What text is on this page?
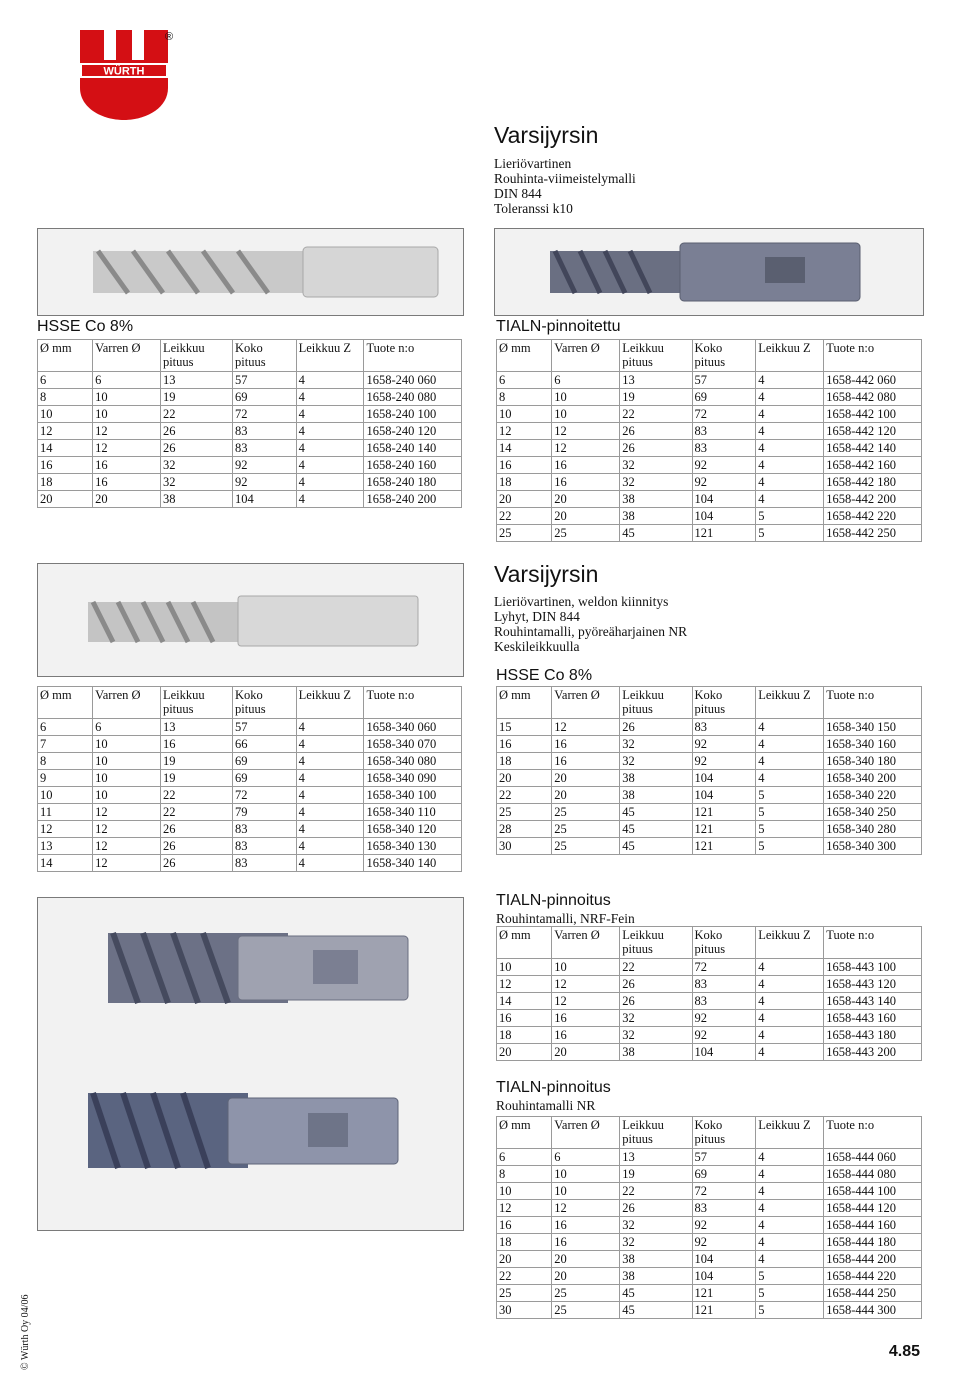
WÜRTH
®
Varsijyrsin
Lieriövartinen
Rouhinta-viimeistelymalli
DIN 844
Toleranssi k10
HSSE Co 8%	TIALN-pinnoitettu
Varsijyrsin
Lieriövartinen, weldon kiinnitys
Lyhyt, DIN 844
Rouhintamalli, pyöreäharjainen NR
Keskileikkuulla
HSSE Co 8%
TIALN-pinnoitus
Rouhintamalli, NRF-Fein
TIALN-pinnoitus
Rouhintamalli NR
Ø mm	Varren Ø	Leikkuu pituus	Koko pituus	Leikkuu Z	Tuote n:o
6	6	13	57	4	1658-240 060
8	10	19	69	4	1658-240 080
10	10	22	72	4	1658-240 100
12	12	26	83	4	1658-240 120
14	12	26	83	4	1658-240 140
16	16	32	92	4	1658-240 160
18	16	32	92	4	1658-240 180
20	20	38	104	4	1658-240 200
Ø mm	Varren Ø	Leikkuu pituus	Koko pituus	Leikkuu Z	Tuote n:o
6	6	13	57	4	1658-340 060
7	10	16	66	4	1658-340 070
8	10	19	69	4	1658-340 080
9	10	19	69	4	1658-340 090
10	10	22	72	4	1658-340 100
11	12	22	79	4	1658-340 110
12	12	26	83	4	1658-340 120
13	12	26	83	4	1658-340 130
14	12	26	83	4	1658-340 140
Ø mm	Varren Ø	Leikkuu pituus	Koko pituus	Leikkuu Z	Tuote n:o
6	6	13	57	4	1658-442 060
8	10	19	69	4	1658-442 080
10	10	22	72	4	1658-442 100
12	12	26	83	4	1658-442 120
14	12	26	83	4	1658-442 140
16	16	32	92	4	1658-442 160
18	16	32	92	4	1658-442 180
20	20	38	104	4	1658-442 200
22	20	38	104	5	1658-442 220
25	25	45	121	5	1658-442 250
Ø mm	Varren Ø	Leikkuu pituus	Koko pituus	Leikkuu Z	Tuote n:o
15	12	26	83	4	1658-340 150
16	16	32	92	4	1658-340 160
18	16	32	92	4	1658-340 180
20	20	38	104	4	1658-340 200
22	20	38	104	5	1658-340 220
25	25	45	121	5	1658-340 250
28	25	45	121	5	1658-340 280
30	25	45	121	5	1658-340 300
Ø mm	Varren Ø	Leikkuu pituus	Koko pituus	Leikkuu Z	Tuote n:o
10	10	22	72	4	1658-443 100
12	12	26	83	4	1658-443 120
14	12	26	83	4	1658-443 140
16	16	32	92	4	1658-443 160
18	16	32	92	4	1658-443 180
20	20	38	104	4	1658-443 200
Ø mm	Varren Ø	Leikkuu pituus	Koko pituus	Leikkuu Z	Tuote n:o
6	6	13	57	4	1658-444 060
8	10	19	69	4	1658-444 080
10	10	22	72	4	1658-444 100
12	12	26	83	4	1658-444 120
16	16	32	92	4	1658-444 160
18	16	32	92	4	1658-444 180
20	20	38	104	4	1658-444 200
22	20	38	104	5	1658-444 220
25	25	45	121	5	1658-444 250
30	25	45	121	5	1658-444 300
© Würth Oy 04/06	4.85
